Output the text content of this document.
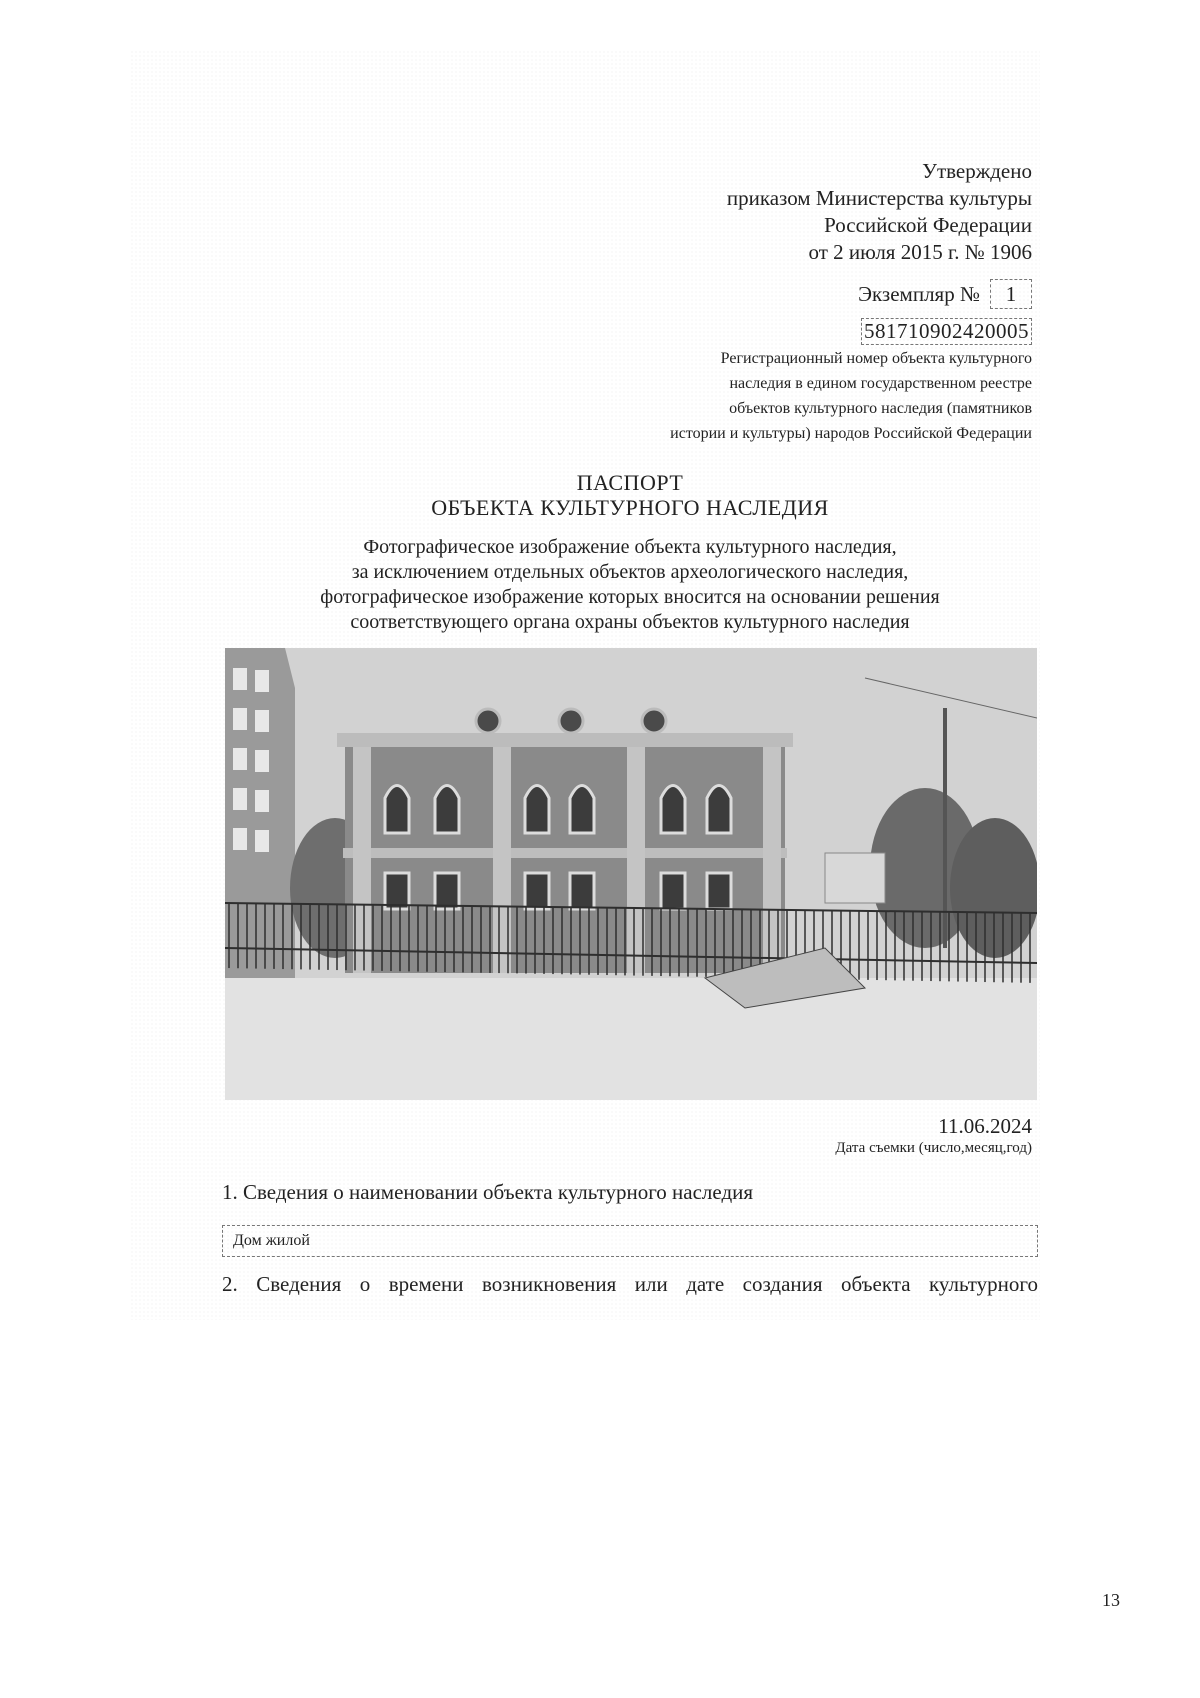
Утверждено
приказом Министерства культуры
Российской Федерации
от 2 июля 2015 г. № 1906
Экземпляр №	1
581710902420005
Регистрационный номер объекта культурного
наследия в едином государственном реестре
объектов культурного наследия (памятников
истории и культуры) народов Российской Федерации
ПАСПОРТ
ОБЪЕКТА КУЛЬТУРНОГО НАСЛЕДИЯ
Фотографическое изображение объекта культурного наследия,
за исключением отдельных объектов археологического наследия,
фотографическое изображение которых вносится на основании решения
соответствующего органа охраны объектов культурного наследия
11.06.2024
Дата съемки (число,месяц,год)
1. Сведения о наименовании объекта культурного наследия
Дом жилой
2. Сведения о времени возникновения или дате создания объекта культурного
13
